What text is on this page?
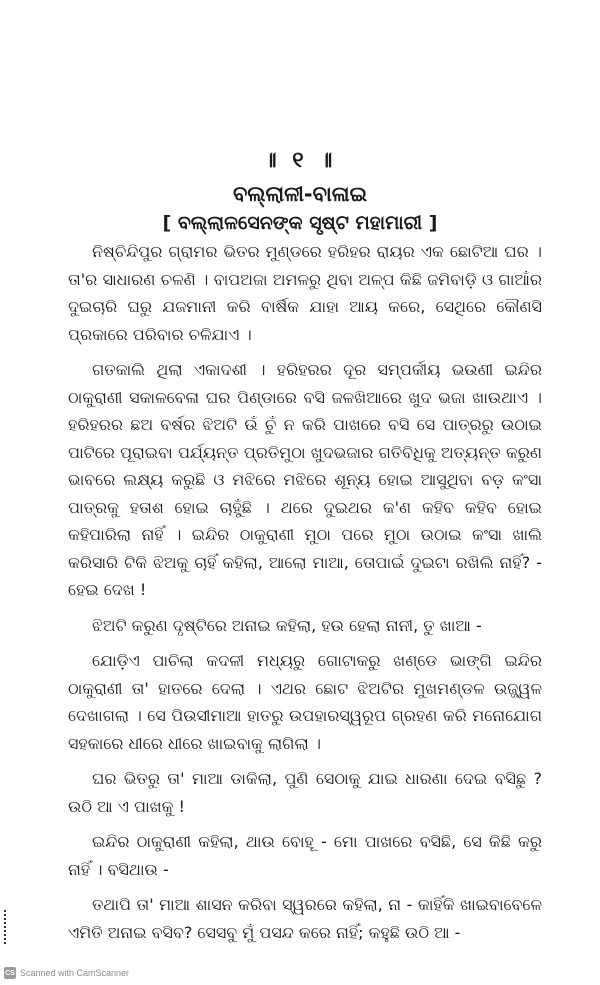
॥ ୧ ॥
ବଲ୍ଲାଳୀ-ବାଳାଇ
[ ବଲ୍ଲାଳସେନଙ୍କ ସୃଷ୍ଟ ମହାମାରୀ ]

ନିଷ୍ଚିନ୍ଦିପୁର ଗ୍ରାମର ଭିତର ମୁଣ୍ଡରେ ହରିହର ରାୟର ଏକ ଛୋଟିଆ ଘର । ତା'ର ସାଧାରଣ ଚଳଣି । ବାପଅଜା ଅମଳରୁ ଥିବା ଅଳ୍ପ କିଛି ଜମିବାଡ଼ି ଓ ଗାଆଁର ଦୁଇଚାରି ଘରୁ ଯଜମାନୀ କରି ବାର୍ଷିକ ଯାହା ଆୟ କରେ, ସେଥିରେ କୌଣସି ପ୍ରକାରେ ପରିବାର ଚଳିଯାଏ ।

ଗତକାଲି ଥିଲା ଏକାଦଶୀ । ହରିହରର ଦୂର ସମ୍ପର୍କୀୟ ଭଉଣୀ ଇନ୍ଦିର ଠାକୁରାଣୀ ସକାଳବେଳା ଘର ପିଣ୍ଡାରେ ବସି ଜଳଖିଆରେ ଖୁଦ ଭଜା ଖାଉଥାଏ । ହରିହରର ଛଅ ବର୍ଷର ଝିଅଟି ଉଁ ଚୁଁ ନ କରି ପାଖରେ ବସି ସେ ପାତ୍ରରୁ ଉଠାଇ ପାଟିରେ ପୂରାଇବା ପର୍ଯ୍ୟନ୍ତ ପ୍ରତିମୁଠା ଖୁଦଭଜାର ଗତିବିଧିକୁ ଅତ୍ୟନ୍ତ କରୁଣ ଭାବରେ ଲକ୍ଷ୍ୟ କରୁଛି ଓ ମଝିରେ ମଝିରେ ଶୂନ୍ୟ ହୋଇ ଆସୁଥିବା ବଡ଼ କଂସା ପାତ୍ରକୁ ହତାଶ ହୋଇ ଚାହୁଁଛି । ଥରେ ଦୁଇଥର କ'ଣ କହିବ କହିବ ହୋଇ କହିପାରିଲା ନାହିଁ । ଇନ୍ଦିର ଠାକୁରାଣୀ ମୁଠା ପରେ ମୁଠା ଉଠାଇ କଂସା ଖାଲି କରିସାରି ଟିକି ଝିଅକୁ ଚାହିଁ କହିଲା, ଆଲୋ ମାଆ, ତୋପାଇଁ ଦୁଇଟା ରଖିଲି ନାହିଁ? - ହେଇ ଦେଖ !

ଝିଅଟି କରୁଣ ଦୃଷ୍ଟିରେ ଅନାଇ କହିଲା, ହଉ ହେଲା ନାନୀ, ତୁ ଖାଆ -

ଯୋଡ଼ିଏ ପାଚିଲା କଦଳୀ ମଧ୍ୟରୁ ଗୋଟାକରୁ ଖଣ୍ଡେ ଭାଙ୍ଗି ଇନ୍ଦିର ଠାକୁରାଣୀ ତା' ହାତରେ ଦେଲା । ଏଥର ଛୋଟ ଝିଅଟିର ମୁଖମଣ୍ଡଳ ଉଜ୍ଜ୍ୱଳ ଦେଖାଗଲା । ସେ ପିଉସୀମାଆ ହାତରୁ ଉପହାରସ୍ୱରୂପ ଗ୍ରହଣ କରି ମନୋଯୋଗ ସହକାରେ ଧୀରେ ଧୀରେ ଖାଇବାକୁ ଲାଗିଲା ।

ଘର ଭିତରୁ ତା' ମାଆ ଡାକିଲା, ପୁଣି ସେଠାକୁ ଯାଇ ଧାରଣା ଦେଇ ବସିଛୁ ? ଉଠି ଆ ଏ ପାଖକୁ !

ଇନ୍ଦିର ଠାକୁରାଣୀ କହିଲା, ଥାଉ ବୋହୂ - ମୋ ପାଖରେ ବସିଛି, ସେ କିଛି କରୁ ନାହିଁ । ବସିଥାଉ -

ତଥାପି ତା' ମାଆ ଶାସନ କରିବା ସ୍ୱରରେ କହିଲା, ନା - କାହିଁକି ଖାଇବାବେଳେ ଏମିତି ଅନାଇ ବସିବ? ସେସବୁ ମୁଁ ପସନ୍ଦ କରେ ନାହିଁ; କହୁଛି ଉଠି ଆ -

CS Scanned with CamScanner
